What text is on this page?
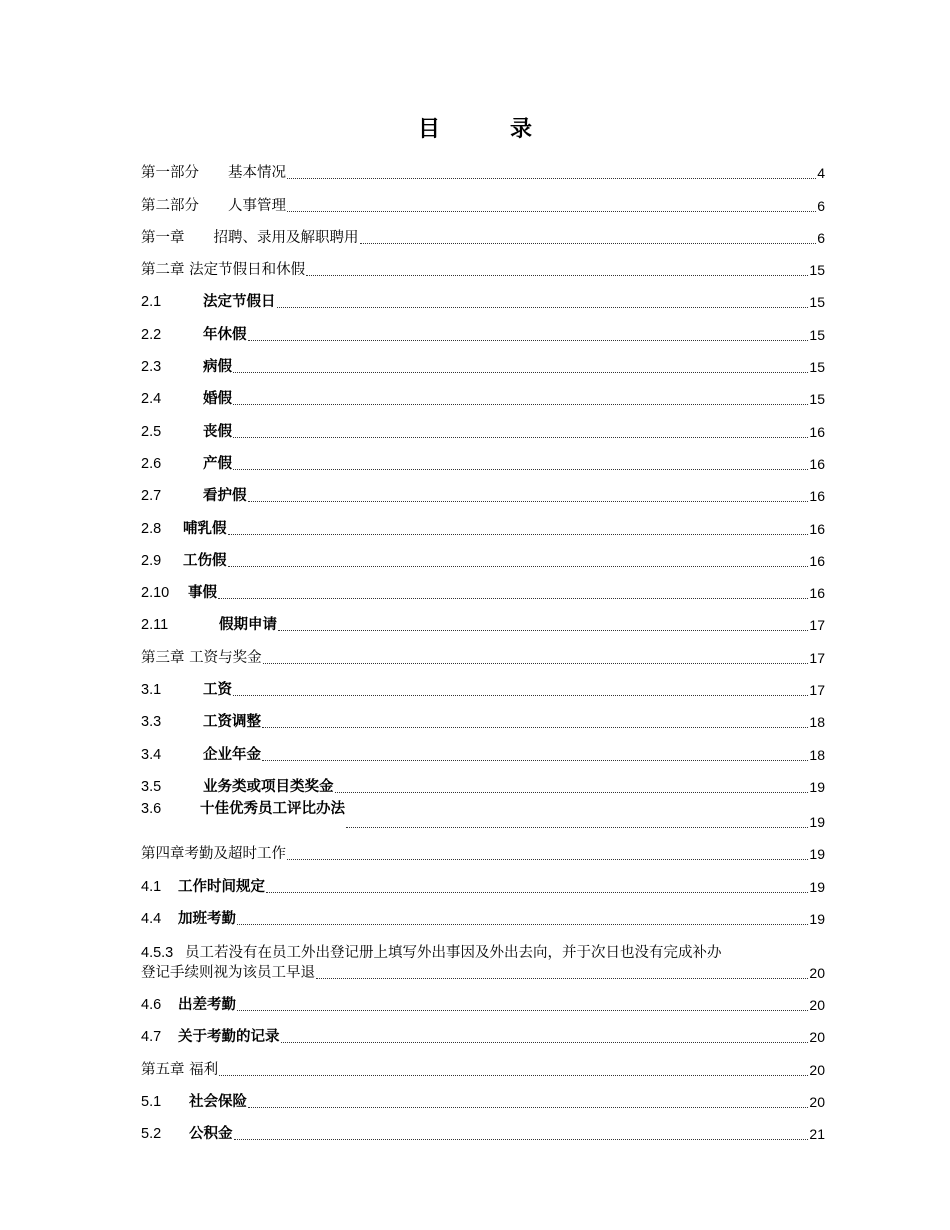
目　录
第一部分　　基本情况	4
第二部分　　人事管理	6
第一章　　招聘、录用及解职聘用	6
第二章 法定节假日和休假	15
2.1	法定节假日	15
2.2	年休假	15
2.3	病假	15
2.4	婚假	15
2.5	丧假	16
2.6	产假	16
2.7	看护假	16
2.8 哺乳假	16
2.9 工伤假	16
2.10 事假	16
2.11	假期申请	17
第三章 工资与奖金	17
3.1	工资	17
3.3	工资调整	18
3.4	企业年金	18
3.5	业务类或项目类奖金	19
3.6	十佳优秀员工评比办法
19
第四章考勤及超时工作	19
4.1 工作时间规定	19
4.4 加班考勤	19
4.5.3 员工若没有在员工外出登记册上填写外出事因及外出去向，并于次日也没有完成补办
登记手续则视为该员工早退	20
4.6 出差考勤	20
4.7 关于考勤的记录	20
第五章 福利	20
5.1 社会保险	20
5.2 公积金	21
